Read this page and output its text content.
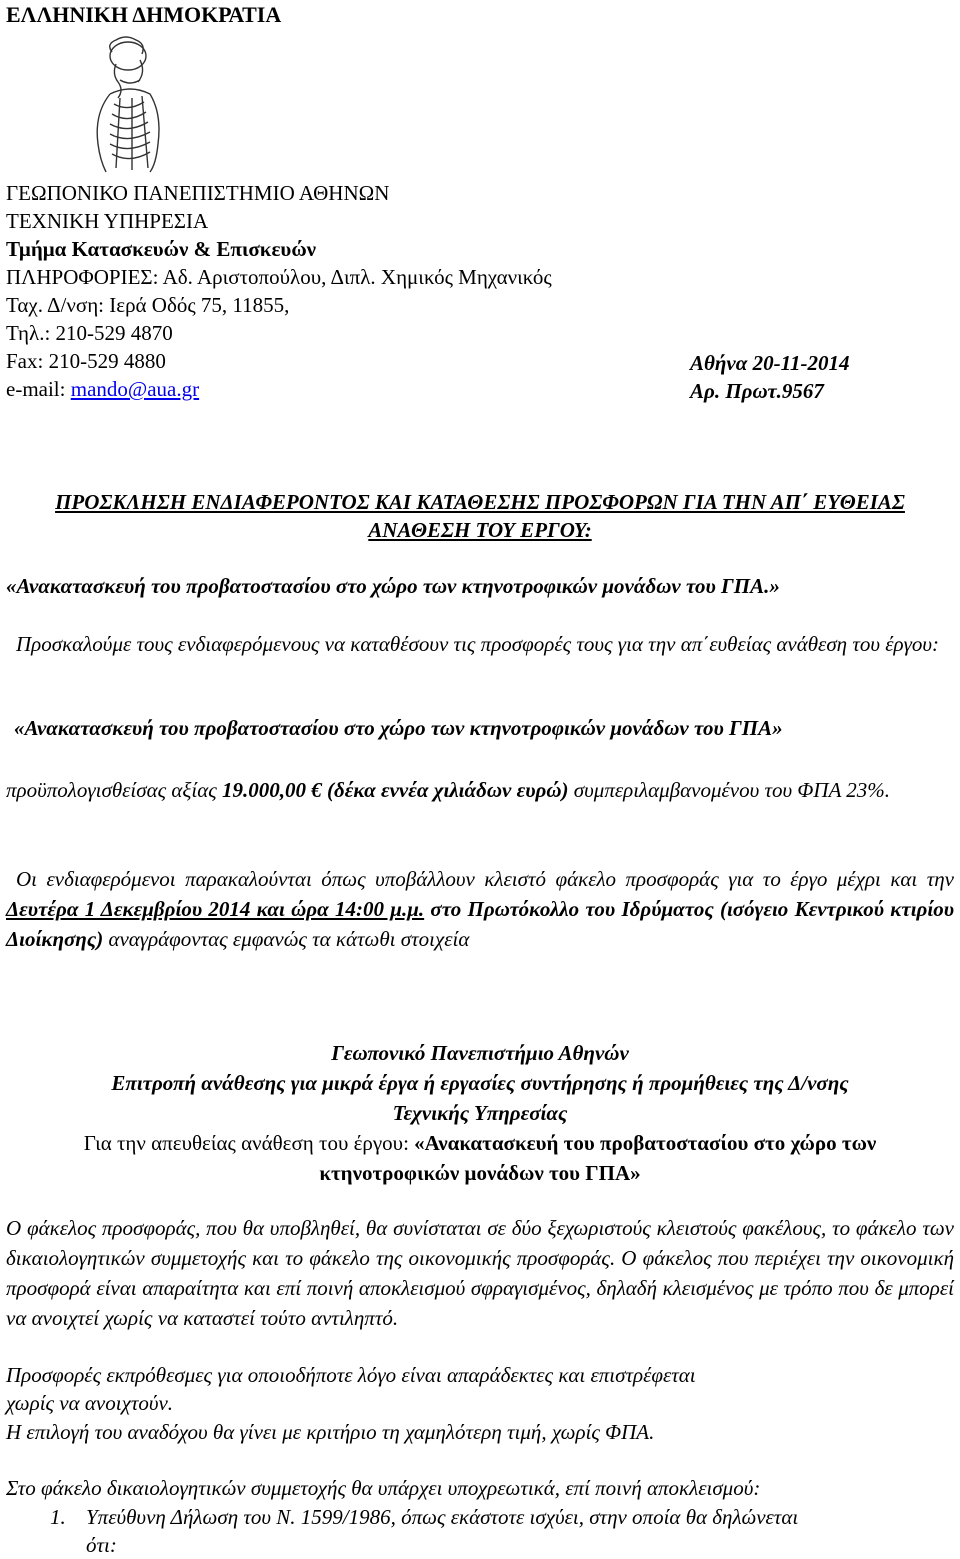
ΕΛΛΗΝΙΚΗ ΔΗΜΟΚΡΑΤΙΑ
ΓΕΩΠΟΝΙΚΟ ΠΑΝΕΠΙΣΤΗΜΙΟ ΑΘΗΝΩΝ
ΤΕΧΝΙΚΗ ΥΠΗΡΕΣΙΑ
Τμήμα Κατασκευών & Επισκευών
ΠΛΗΡΟΦΟΡΙΕΣ: Αδ. Αριστοπούλου, Διπλ. Χημικός Μηχανικός
Ταχ. Δ/νση: Ιερά Οδός 75, 11855,
Τηλ.: 210-529 4870
Fax: 210-529 4880
e-mail: mando@aua.gr
Αθήνα 20-11-2014
Αρ. Πρωτ.9567
ΠΡΟΣΚΛΗΣΗ ΕΝΔΙΑΦΕΡΟΝΤΟΣ ΚΑΙ ΚΑΤΑΘΕΣΗΣ ΠΡΟΣΦΟΡΩΝ ΓΙΑ ΤΗΝ ΑΠ΄ ΕΥΘΕΙΑΣ
ΑΝΑΘΕΣΗ ΤΟΥ ΕΡΓΟΥ:
«Ανακατασκευή του προβατοστασίου στο χώρο των κτηνοτροφικών μονάδων του ΓΠΑ.»
Προσκαλούμε τους ενδιαφερόμενους να καταθέσουν τις προσφορές τους για την απ΄ευθείας ανάθεση του έργου:
«Ανακατασκευή του προβατοστασίου στο χώρο των κτηνοτροφικών μονάδων του ΓΠΑ»
προϋπολογισθείσας αξίας 19.000,00 € (δέκα εννέα χιλιάδων ευρώ) συμπεριλαμβανομένου του ΦΠΑ 23%.
Οι ενδιαφερόμενοι παρακαλούνται όπως υποβάλλουν κλειστό φάκελο προσφοράς για το έργο μέχρι και την Δευτέρα 1 Δεκεμβρίου 2014 και ώρα 14:00 μ.μ. στο Πρωτόκολλο του Ιδρύματος (ισόγειο Κεντρικού κτιρίου Διοίκησης) αναγράφοντας εμφανώς τα κάτωθι στοιχεία
Γεωπονικό Πανεπιστήμιο Αθηνών
Επιτροπή ανάθεσης για μικρά έργα ή εργασίες συντήρησης ή προμήθειες της Δ/νσης
Τεχνικής Υπηρεσίας
Για την απευθείας ανάθεση του έργου: «Ανακατασκευή του προβατοστασίου στο χώρο των
κτηνοτροφικών μονάδων του ΓΠΑ»
Ο φάκελος προσφοράς, που θα υποβληθεί, θα συνίσταται σε δύο ξεχωριστούς κλειστούς φακέλους, το φάκελο των δικαιολογητικών συμμετοχής και το φάκελο της οικονομικής προσφοράς. Ο φάκελος που περιέχει την οικονομική προσφορά είναι απαραίτητα και επί ποινή αποκλεισμού σφραγισμένος, δηλαδή κλεισμένος με τρόπο που δε μπορεί να ανοιχτεί χωρίς να καταστεί τούτο αντιληπτό.
Προσφορές εκπρόθεσμες για οποιοδήποτε λόγο είναι απαράδεκτες και επιστρέφεται
χωρίς να ανοιχτούν.
Η επιλογή του αναδόχου θα γίνει με κριτήριο τη χαμηλότερη τιμή, χωρίς ΦΠΑ.
Στο φάκελο δικαιολογητικών συμμετοχής θα υπάρχει υποχρεωτικά, επί ποινή αποκλεισμού:
1. Υπεύθυνη Δήλωση του Ν. 1599/1986, όπως εκάστοτε ισχύει, στην οποία θα δηλώνεται
ότι:
